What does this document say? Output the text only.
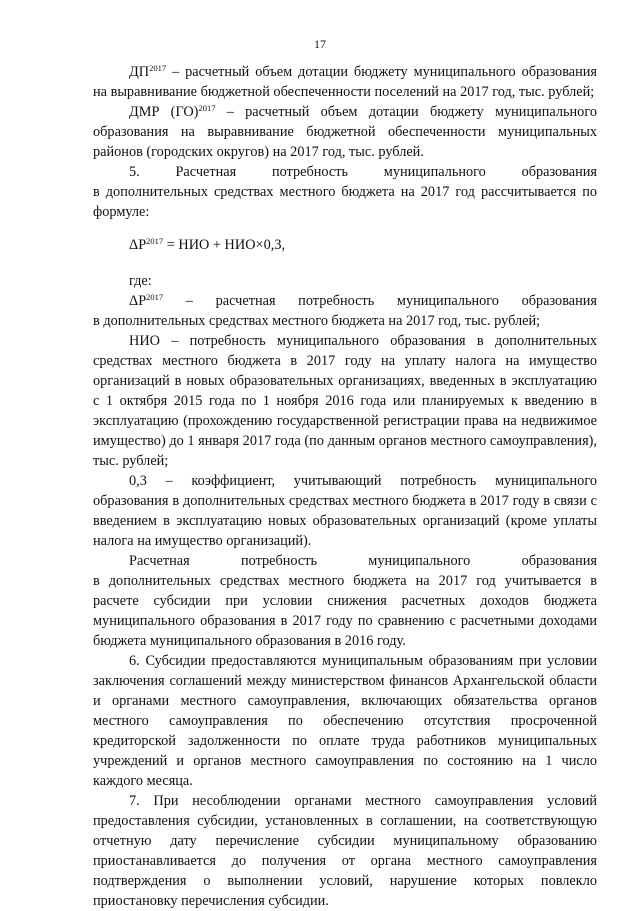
17

$ДП^{2017}$ – расчетный объем дотации бюджету муниципального образования на выравнивание бюджетной обеспеченности поселений на 2017 год, тыс. рублей;

ДМР (ГО)$^{2017}$ – расчетный объем дотации бюджету муниципального образования на выравнивание бюджетной обеспеченности муниципальных районов (городских округов) на 2017 год, тыс. рублей.

5. Расчетная потребность муниципального образования

в дополнительных средствах местного бюджета на 2017 год рассчитывается по формуле:

$\Delta Р^{2017}$ = НИО + НИО×0,3,
где:

$\Delta Р^{2017}$ – расчетная потребность муниципального образования

в дополнительных средствах местного бюджета на 2017 год, тыс. рублей;

НИО – потребность муниципального образования в дополнительных средствах местного бюджета в 2017 году на уплату налога на имущество организаций в новых образовательных организациях, введенных в эксплуатацию с 1 октября 2015 года по 1 ноября 2016 года или планируемых к введению в эксплуатацию (прохождению государственной регистрации права на недвижимое имущество) до 1 января 2017 года (по данным органов местного самоуправления), тыс. рублей;

0,3 – коэффициент, учитывающий потребность муниципального образования в дополнительных средствах местного бюджета в 2017 году в связи с введением в эксплуатацию новых образовательных организаций (кроме уплаты налога на имущество организаций).

Расчетная потребность муниципального образования

в дополнительных средствах местного бюджета на 2017 год учитывается в расчете субсидии при условии снижения расчетных доходов бюджета муниципального образования в 2017 году по сравнению с расчетными доходами бюджета муниципального образования в 2016 году.

6. Субсидии предоставляются муниципальным образованиям при условии заключения соглашений между министерством финансов Архангельской области и органами местного самоуправления, включающих обязательства органов местного самоуправления по обеспечению отсутствия просроченной кредиторской задолженности по оплате труда работников муниципальных учреждений и органов местного самоуправления по состоянию на 1 число каждого месяца.

7. При несоблюдении органами местного самоуправления условий предоставления субсидии, установленных в соглашении, на соответствующую отчетную дату перечисление субсидии муниципальному образованию приостанавливается до получения от органа местного самоуправления подтверждения о выполнении условий, нарушение которых повлекло приостановку перечисления субсидии.
